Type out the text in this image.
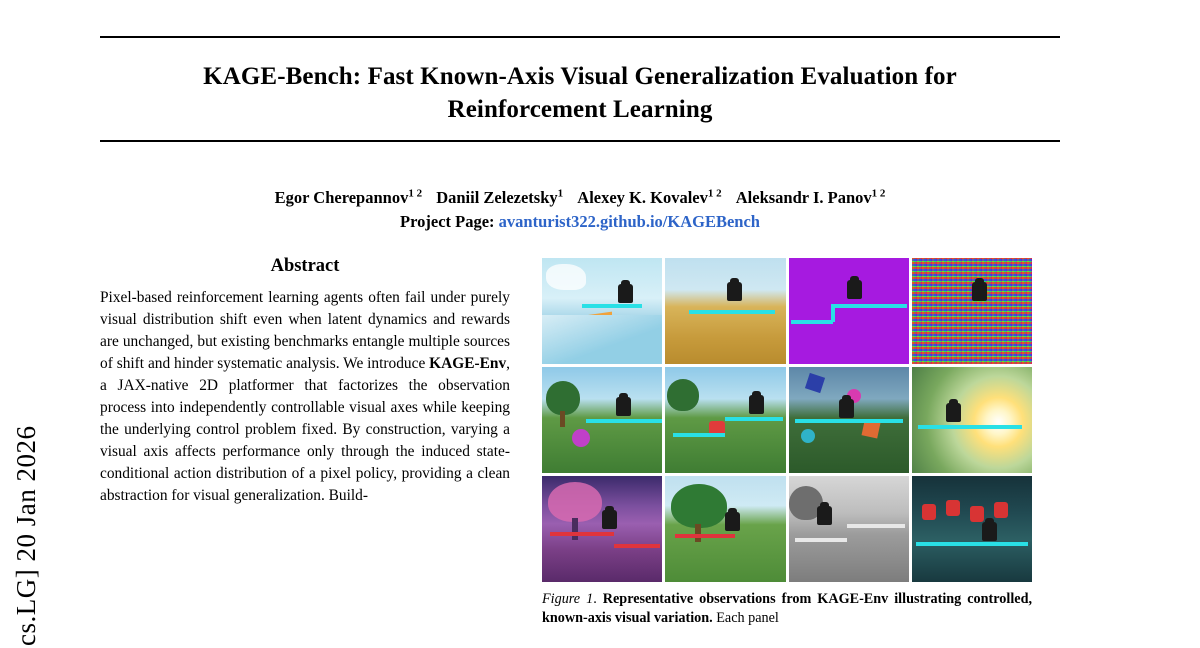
cs.LG] 20 Jan 2026
KAGE-Bench: Fast Known-Axis Visual Generalization Evaluation for Reinforcement Learning
Egor Cherepannov$^{1 2}$ Daniil Zelezetsky$^1$ Alexey K. Kovalev$^{1 2}$ Aleksandr I. Panov$^{1 2}$
Project Page: avanturist322.github.io/KAGEBench
Abstract
Pixel-based reinforcement learning agents often fail under purely visual distribution shift even when latent dynamics and rewards are unchanged, but existing benchmarks entangle multiple sources of shift and hinder systematic analysis. We introduce KAGE-Env, a JAX-native 2D platformer that factorizes the observation process into independently controllable visual axes while keeping the underlying control problem fixed. By construction, varying a visual axis affects performance only through the induced state-conditional action distribution of a pixel policy, providing a clean abstraction for visual generalization. Build-
Figure 1. Representative observations from KAGE-Env illustrating controlled, known-axis visual variation. Each panel
